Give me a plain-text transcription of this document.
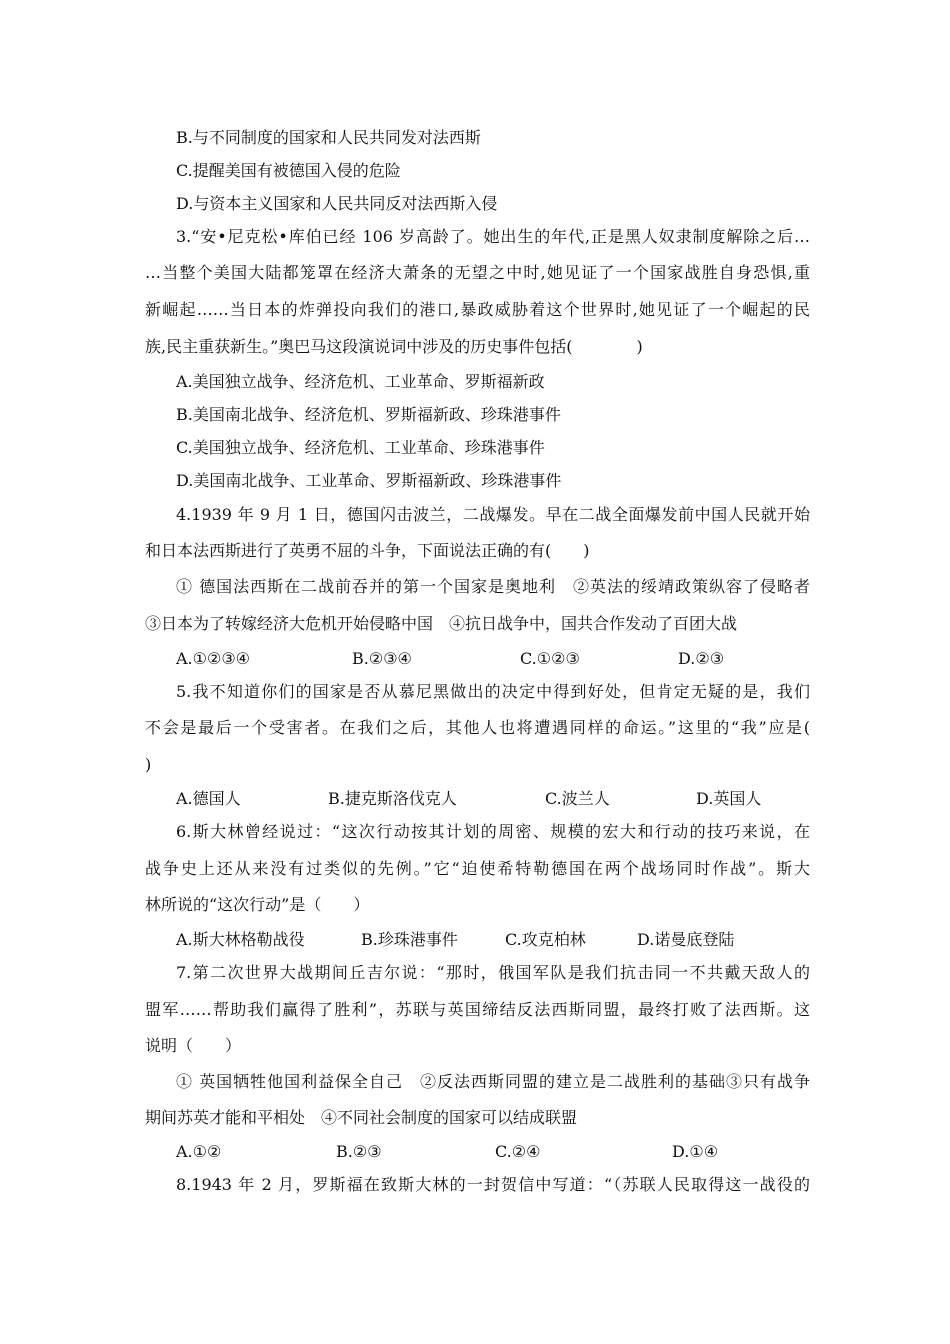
B.与不同制度的国家和人民共同发对法西斯
C.提醒美国有被德国入侵的危险
D.与资本主义国家和人民共同反对法西斯入侵
3.“安•尼克松•库伯已经 106 岁高龄了。她出生的年代,正是黑人奴隶制度解除之后…
…当整个美国大陆都笼罩在经济大萧条的无望之中时,她见证了一个国家战胜自身恐惧,重
新崛起……当日本的炸弹投向我们的港口,暴政威胁着这个世界时,她见证了一个崛起的民
族,民主重获新生。”奥巴马这段演说词中涉及的历史事件包括(　　　　)
A.美国独立战争、经济危机、工业革命、罗斯福新政
B.美国南北战争、经济危机、罗斯福新政、珍珠港事件
C.美国独立战争、经济危机、工业革命、珍珠港事件
D.美国南北战争、工业革命、罗斯福新政、珍珠港事件
4.1939 年 9 月 1 日，德国闪击波兰，二战爆发。早在二战全面爆发前中国人民就开始
和日本法西斯进行了英勇不屈的斗争，下面说法正确的有(　　)
① 德国法西斯在二战前吞并的第一个国家是奥地利　②英法的绥靖政策纵容了侵略者
③日本为了转嫁经济大危机开始侵略中国　④抗日战争中，国共合作发动了百团大战
A.①②③④	B.②③④	C.①②③	D.②③
5.我不知道你们的国家是否从慕尼黑做出的决定中得到好处，但肯定无疑的是，我们
不会是最后一个受害者。在我们之后，其他人也将遭遇同样的命运。”这里的“我”应是(
)
A.德国人	B.捷克斯洛伐克人	C.波兰人	D.英国人
6.斯大林曾经说过：“这次行动按其计划的周密、规模的宏大和行动的技巧来说，在
战争史上还从来没有过类似的先例。”它“迫使希特勒德国在两个战场同时作战”。斯大
林所说的“这次行动”是（　　）
A.斯大林格勒战役	B.珍珠港事件	C.攻克柏林	D.诺曼底登陆
7.第二次世界大战期间丘吉尔说：“那时，俄国军队是我们抗击同一不共戴天敌人的
盟军……帮助我们赢得了胜利”，苏联与英国缔结反法西斯同盟，最终打败了法西斯。这
说明（　　）
① 英国牺牲他国利益保全自己　②反法西斯同盟的建立是二战胜利的基础③只有战争
期间苏英才能和平相处　④不同社会制度的国家可以结成联盟
A.①②	B.②③	C.②④	D.①④
8.1943 年 2 月，罗斯福在致斯大林的一封贺信中写道：“（苏联人民取得这一战役的
